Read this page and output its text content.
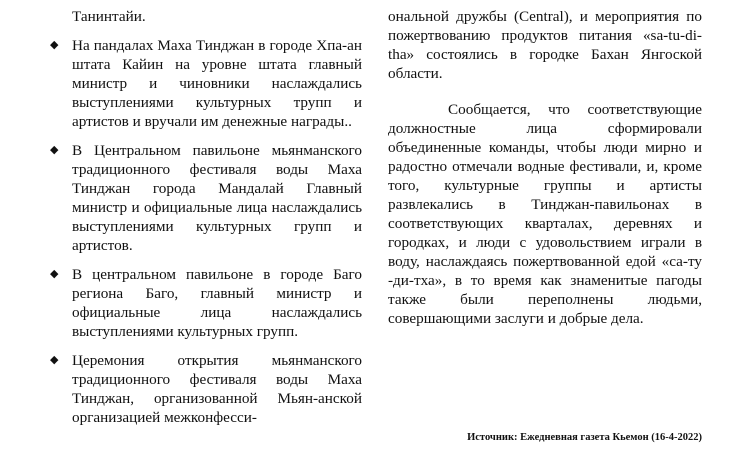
Танинтайи.

◆ На пандалах Маха Тинджан в городе Хпа-ан штата Кайин на уровне штата главный министр и чиновники наслаждались выступлениями культурных трупп и артистов и вручали им денежные награды..

◆ В Центральном павильоне мьянманского традиционного фестиваля воды Маха Тинджан города Мандалай Главный министр и официальные лица наслаждались выступлениями культурных групп и артистов.

◆ В центральном павильоне в городе Баго региона Баго, главный министр и официальные лица наслаждались выступлениями культурных групп.

◆ Церемония открытия мьянманского традиционного фестиваля воды Маха Тинджан, организованной Мьян-анской организацией межконфесси-

ональной дружбы (Central), и мероприятия по пожертвованию продуктов питания «sa-tu-di-tha» состоялись в городке Бахан Янгоской области.

Сообщается, что соответствующие должностные лица сформировали объединенные команды, чтобы люди мирно и радостно отмечали водные фестивали, и, кроме того, культурные группы и артисты развлекались в Тинджан-павильонах в соответствующих кварталах, деревнях и городках, и люди с удовольствием играли в воду, наслаждаясь пожертвованной едой «са-ту -ди-тха», в то время как знаменитые пагоды также были переполнены людьми, совершающими заслуги и добрые дела.

Источник: Ежедневная газета Кьемон (16-4-2022)
